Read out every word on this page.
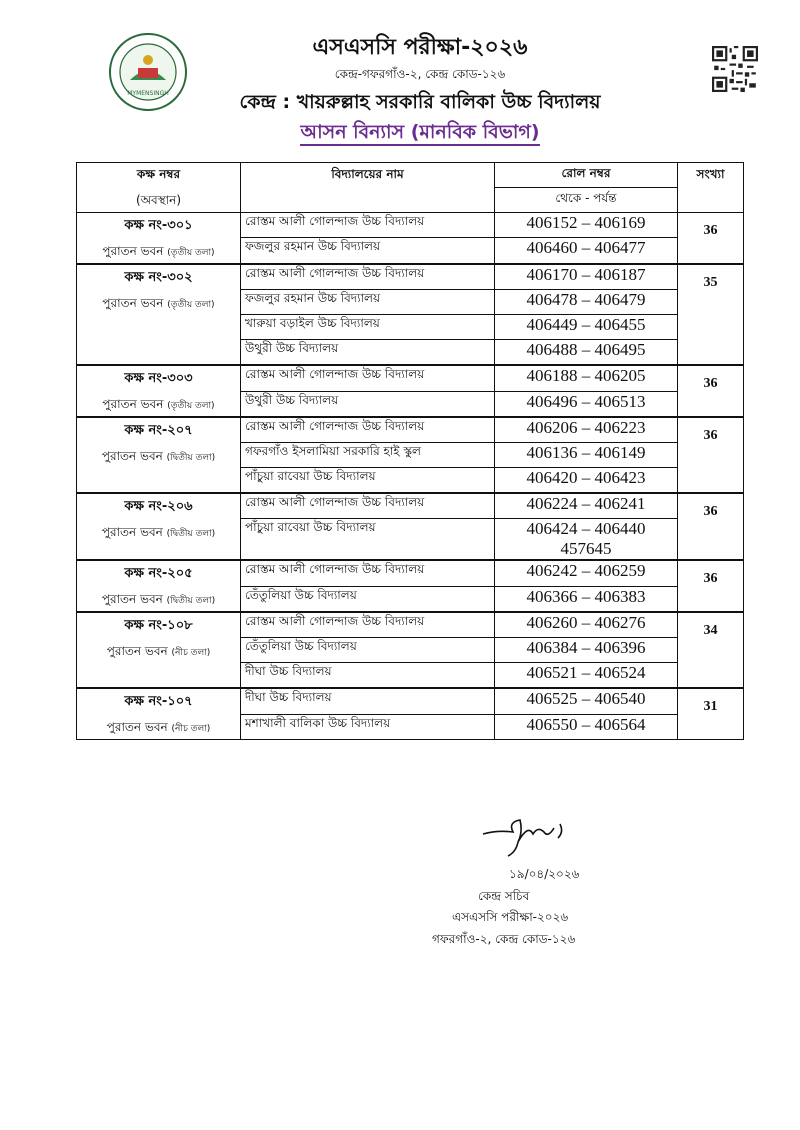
MYMENSINGH
এসএসসি পরীক্ষা-২০২৬
কেন্দ্র-গফরগাঁও-২, কেন্দ্র কোড-১২৬
কেন্দ্র : খায়রুল্লাহ সরকারি বালিকা উচ্চ বিদ্যালয়
আসন বিন্যাস (মানবিক বিভাগ)
কক্ষ নম্বর
(অবস্থান)	বিদ্যালয়ের নাম	রোল নম্বর	সংখ্যা
		থেকে - পর্যন্ত	

কক্ষ নং-৩০১
পুরাতন ভবন (তৃতীয় তলা)	রোস্তম আলী গোলন্দাজ উচ্চ বিদ্যালয়	406152 – 406169	36
	ফজলুর রহমান উচ্চ বিদ্যালয়	406460 – 406477	

কক্ষ নং-৩০২
পুরাতন ভবন (তৃতীয় তলা)	রোস্তম আলী গোলন্দাজ উচ্চ বিদ্যালয়	406170 – 406187	35
	ফজলুর রহমান উচ্চ বিদ্যালয়	406478 – 406479	

	খারুয়া বড়াইল উচ্চ বিদ্যালয়	406449 – 406455	

	উথুরী উচ্চ বিদ্যালয়	406488 – 406495	

কক্ষ নং-৩০৩
পুরাতন ভবন (তৃতীয় তলা)	রোস্তম আলী গোলন্দাজ উচ্চ বিদ্যালয়	406188 – 406205	36
	উথুরী উচ্চ বিদ্যালয়	406496 – 406513	

কক্ষ নং-২০৭
পুরাতন ভবন (দ্বিতীয় তলা)	রোস্তম আলী গোলন্দাজ উচ্চ বিদ্যালয়	406206 – 406223	36
	গফরগাঁও ইসলামিয়া সরকারি হাই স্কুল	406136 – 406149	

	পাঁচুয়া রাবেয়া উচ্চ বিদ্যালয়	406420 – 406423	

কক্ষ নং-২০৬
পুরাতন ভবন (দ্বিতীয় তলা)	রোস্তম আলী গোলন্দাজ উচ্চ বিদ্যালয়	406224 – 406241	36
	পাঁচুয়া রাবেয়া উচ্চ বিদ্যালয়	406424 – 406440
457645	

কক্ষ নং-২০৫
পুরাতন ভবন (দ্বিতীয় তলা)	রোস্তম আলী গোলন্দাজ উচ্চ বিদ্যালয়	406242 – 406259	36
	তেঁতুলিয়া উচ্চ বিদ্যালয়	406366 – 406383	

কক্ষ নং-১০৮
পুরাতন ভবন (নীচ তলা)	রোস্তম আলী গোলন্দাজ উচ্চ বিদ্যালয়	406260 – 406276	34
	তেঁতুলিয়া উচ্চ বিদ্যালয়	406384 – 406396	

	দীঘা উচ্চ বিদ্যালয়	406521 – 406524	

কক্ষ নং-১০৭
পুরাতন ভবন (নীচ তলা)	দীঘা উচ্চ বিদ্যালয়	406525 – 406540	31
	মশাখালী বালিকা উচ্চ বিদ্যালয়	406550 – 406564	
১৯/০৪/২০২৬
কেন্দ্র সচিব
এসএসসি পরীক্ষা-২০২৬
গফরগাঁও-২, কেন্দ্র কোড-১২৬
